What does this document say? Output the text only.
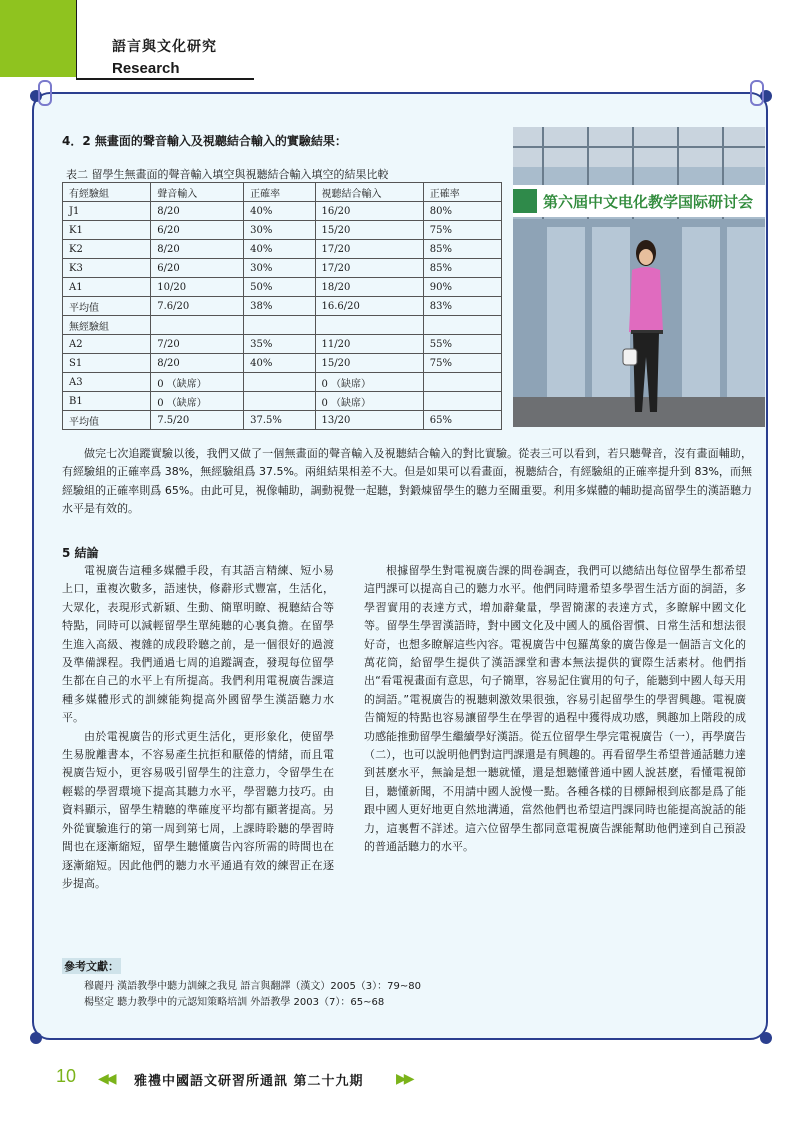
語言與文化研究
Research
4．2 無畫面的聲音輸入及視聽結合輸入的實驗結果：
表二 留學生無畫面的聲音輸入填空與視聽結合輸入填空的結果比較
有經驗組	聲音輸入	正確率	視聽結合輸入	正確率
J1	8/20	40%	16/20	80%
K1	6/20	30%	15/20	75%
K2	8/20	40%	17/20	85%
K3	6/20	30%	17/20	85%
A1	10/20	50%	18/20	90%
平均值	7.6/20	38%	16.6/20	83%
無經驗組				
A2	7/20	35%	11/20	55%
S1	8/20	40%	15/20	75%
A3	0 （缺席）		0 （缺席）	
B1	0 （缺席）		0 （缺席）	
平均值	7.5/20	37.5%	13/20	65%
第六屆中文电化教学国际研讨会

做完七次追蹤實驗以後，我們又做了一個無畫面的聲音輸入及視聽結合輸入的對比實驗。從表三可以看到，若只聽聲音，沒有畫面輔助，有經驗組的正確率爲 38%，無經驗組爲 37.5%。兩組結果相差不大。但是如果可以看畫面，視聽結合，有經驗組的正確率提升到 83%，而無經驗組的正確率則爲 65%。由此可見，視像輔助，調動視覺一起聽，對鍛煉留學生的聽力至關重要。利用多媒體的輔助提高留學生的漢語聽力水平是有效的。

5 結論

電視廣告這種多媒體手段，有其語言精練、短小易上口，重複次數多，語速快，修辭形式豐富，生活化，大眾化，表現形式新穎、生動、簡單明瞭、視聽結合等特點，同時可以減輕留學生單純聽的心裏負擔。在留學生進入高級、複雜的成段聆聽之前，是一個很好的過渡及準備課程。我們通過七周的追蹤調查，發現每位留學生都在自己的水平上有所提高。我們利用電視廣告課這種多媒體形式的訓練能夠提高外國留學生漢語聽力水平。

由於電視廣告的形式更生活化，更形象化，使留學生易脫離書本，不容易產生抗拒和厭倦的情緒，而且電視廣告短小，更容易吸引留學生的注意力，令留學生在輕鬆的學習環境下提高其聽力水平，學習聽力技巧。由資料顯示，留學生精聽的準確度平均都有顯著提高。另外從實驗進行的第一周到第七周，上課時聆聽的學習時間也在逐漸縮短，留學生聽懂廣告內容所需的時間也在逐漸縮短。因此他們的聽力水平通過有效的練習正在逐步提高。

根據留學生對電視廣告課的問卷調查，我們可以總結出每位留學生都希望這門課可以提高自己的聽力水平。他們同時還希望多學習生活方面的詞語，多學習實用的表達方式，增加辭彙量，學習簡潔的表達方式，多瞭解中國文化等。留學生學習漢語時，對中國文化及中國人的風俗習慣、日常生活和想法很好奇，也想多瞭解這些內容。電視廣告中包羅萬象的廣告像是一個語言文化的萬花筒，給留學生提供了漢語課堂和書本無法提供的實際生活素材。他們指出“看電視畫面有意思，句子簡單，容易記住實用的句子，能聽到中國人每天用的詞語。”電視廣告的視聽刺激效果很強，容易引起留學生的學習興趣。電視廣告簡短的特點也容易讓留學生在學習的過程中獲得成功感，興趣加上階段的成功感能推動留學生繼續學好漢語。從五位留學生學完電視廣告（一），再學廣告（二），也可以說明他們對這門課還是有興趣的。再看留學生希望普通話聽力達到甚麼水平，無論是想一聽就懂，還是想聽懂普通中國人說甚麼，看懂電視節目，聽懂新聞，不用請中國人說慢一點。各種各樣的目標歸根到底都是爲了能跟中國人更好地更自然地溝通，當然他們也希望這門課同時也能提高說話的能力，這裏暫不詳述。這六位留學生都同意電視廣告課能幫助他們達到自己預設的普通話聽力的水平。

參考文獻：
穆麗丹 漢語教學中聽力訓練之我見 語言與翻譯（漢文）2005（3）：79~80
楊堅定 聽力教學中的元認知策略培訓 外語教學 2003（7）：65~68
10 ◀◀ 雅禮中國語文研習所通訊 第二十九期 ▶▶
